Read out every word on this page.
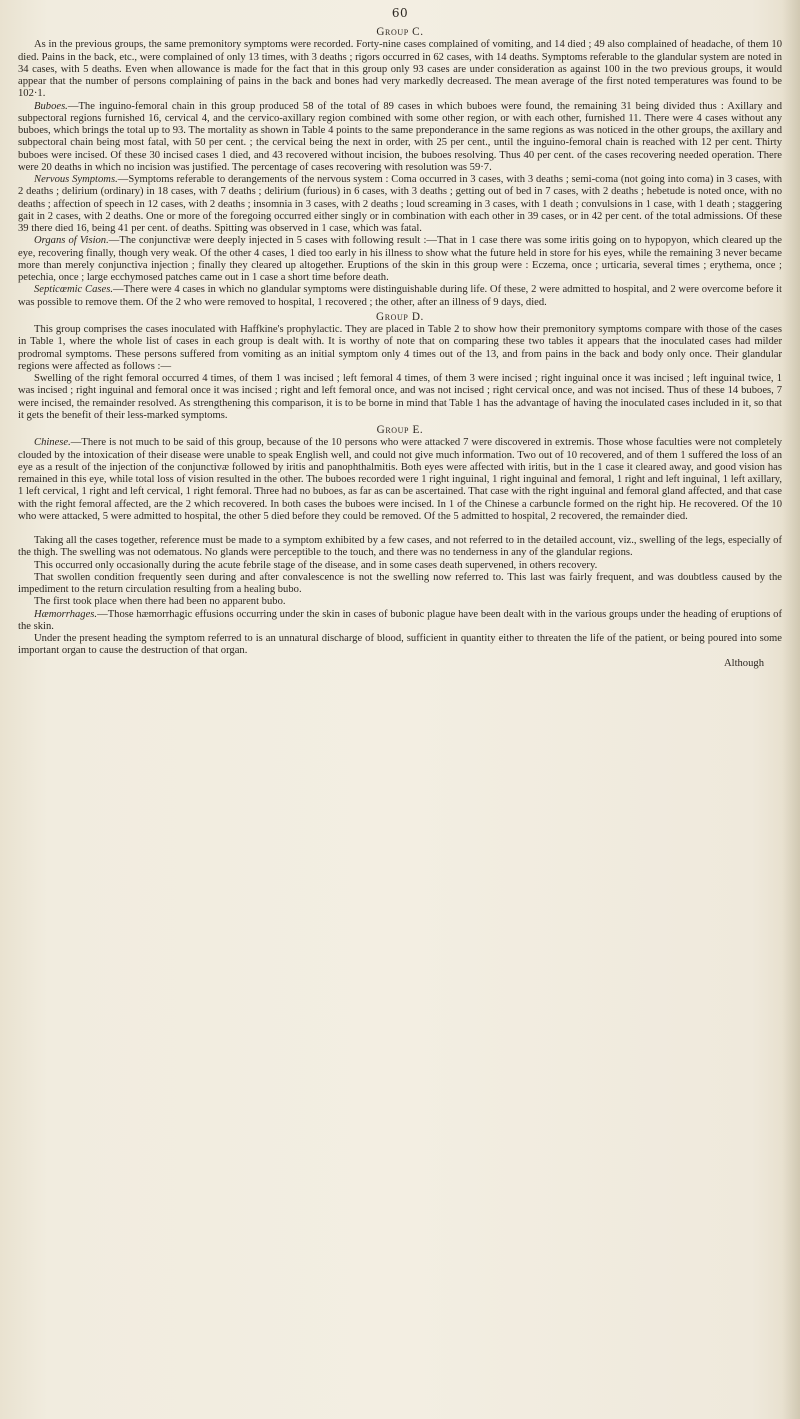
60
Group C.

As in the previous groups, the same premonitory symptoms were recorded. Forty-nine cases complained of vomiting, and 14 died ; 49 also complained of headache, of them 10 died. Pains in the back, etc., were complained of only 13 times, with 3 deaths ; rigors occurred in 62 cases, with 14 deaths. Symptoms referable to the glandular system are noted in 34 cases, with 5 deaths. Even when allowance is made for the fact that in this group only 93 cases are under consideration as against 100 in the two previous groups, it would appear that the number of persons complaining of pains in the back and bones had very markedly decreased. The mean average of the first noted temperatures was found to be 102·1.

Buboes.—The inguino-femoral chain in this group produced 58 of the total of 89 cases in which buboes were found, the remaining 31 being divided thus : Axillary and subpectoral regions furnished 16, cervical 4, and the cervico-axillary region combined with some other region, or with each other, furnished 11. There were 4 cases without any buboes, which brings the total up to 93. The mortality as shown in Table 4 points to the same preponderance in the same regions as was noticed in the other groups, the axillary and subpectoral chain being most fatal, with 50 per cent. ; the cervical being the next in order, with 25 per cent., until the inguino-femoral chain is reached with 12 per cent. Thirty buboes were incised. Of these 30 incised cases 1 died, and 43 recovered without incision, the buboes resolving. Thus 40 per cent. of the cases recovering needed operation. There were 20 deaths in which no incision was justified. The percentage of cases recovering with resolution was 59·7.

Nervous Symptoms.—Symptoms referable to derangements of the nervous system : Coma occurred in 3 cases, with 3 deaths ; semi-coma (not going into coma) in 3 cases, with 2 deaths ; delirium (ordinary) in 18 cases, with 7 deaths ; delirium (furious) in 6 cases, with 3 deaths ; getting out of bed in 7 cases, with 2 deaths ; hebetude is noted once, with no deaths ; affection of speech in 12 cases, with 2 deaths ; insomnia in 3 cases, with 2 deaths ; loud screaming in 3 cases, with 1 death ; convulsions in 1 case, with 1 death ; staggering gait in 2 cases, with 2 deaths. One or more of the foregoing occurred either singly or in combination with each other in 39 cases, or in 42 per cent. of the total admissions. Of these 39 there died 16, being 41 per cent. of deaths. Spitting was observed in 1 case, which was fatal.

Organs of Vision.—The conjunctivæ were deeply injected in 5 cases with following result :—That in 1 case there was some iritis going on to hypopyon, which cleared up the eye, recovering finally, though very weak. Of the other 4 cases, 1 died too early in his illness to show what the future held in store for his eyes, while the remaining 3 never became more than merely conjunctiva injection ; finally they cleared up altogether. Eruptions of the skin in this group were : Eczema, once ; urticaria, several times ; erythema, once ; petechia, once ; large ecchymosed patches came out in 1 case a short time before death.

Septicœmic Cases.—There were 4 cases in which no glandular symptoms were distinguishable during life. Of these, 2 were admitted to hospital, and 2 were overcome before it was possible to remove them. Of the 2 who were removed to hospital, 1 recovered ; the other, after an illness of 9 days, died.

Group D.

This group comprises the cases inoculated with Haffkine's prophylactic. They are placed in Table 2 to show how their premonitory symptoms compare with those of the cases in Table 1, where the whole list of cases in each group is dealt with. It is worthy of note that on comparing these two tables it appears that the inoculated cases had milder prodromal symptoms. These persons suffered from vomiting as an initial symptom only 4 times out of the 13, and from pains in the back and body only once. Their glandular regions were affected as follows :—

Swelling of the right femoral occurred 4 times, of them 1 was incised ; left femoral 4 times, of them 3 were incised ; right inguinal once it was incised ; left inguinal twice, 1 was incised ; right inguinal and femoral once it was incised ; right and left femoral once, and was not incised ; right cervical once, and was not incised. Thus of these 14 buboes, 7 were incised, the remainder resolved. As strengthening this comparison, it is to be borne in mind that Table 1 has the advantage of having the inoculated cases included in it, so that it gets the benefit of their less-marked symptoms.

Group E.

Chinese.—There is not much to be said of this group, because of the 10 persons who were attacked 7 were discovered in extremis. Those whose faculties were not completely clouded by the intoxication of their disease were unable to speak English well, and could not give much information. Two out of 10 recovered, and of them 1 suffered the loss of an eye as a result of the injection of the conjunctivæ followed by iritis and panophthalmitis. Both eyes were affected with iritis, but in the 1 case it cleared away, and good vision has remained in this eye, while total loss of vision resulted in the other. The buboes recorded were 1 right inguinal, 1 right inguinal and femoral, 1 right and left inguinal, 1 left axillary, 1 left cervical, 1 right and left cervical, 1 right femoral. Three had no buboes, as far as can be ascertained. That case with the right inguinal and femoral gland affected, and that case with the right femoral affected, are the 2 which recovered. In both cases the buboes were incised. In 1 of the Chinese a carbuncle formed on the right hip. He recovered. Of the 10 who were attacked, 5 were admitted to hospital, the other 5 died before they could be removed. Of the 5 admitted to hospital, 2 recovered, the remainder died.

Taking all the cases together, reference must be made to a symptom exhibited by a few cases, and not referred to in the detailed account, viz., swelling of the legs, especially of the thigh. The swelling was not odematous. No glands were perceptible to the touch, and there was no tenderness in any of the glandular regions.

This occurred only occasionally during the acute febrile stage of the disease, and in some cases death supervened, in others recovery.

That swollen condition frequently seen during and after convalescence is not the swelling now referred to. This last was fairly frequent, and was doubtless caused by the impediment to the return circulation resulting from a healing bubo.

The first took place when there had been no apparent bubo.

Hæmorrhages.—Those hæmorrhagic effusions occurring under the skin in cases of bubonic plague have been dealt with in the various groups under the heading of eruptions of the skin.

Under the present heading the symptom referred to is an unnatural discharge of blood, sufficient in quantity either to threaten the life of the patient, or being poured into some important organ to cause the destruction of that organ.

Although
